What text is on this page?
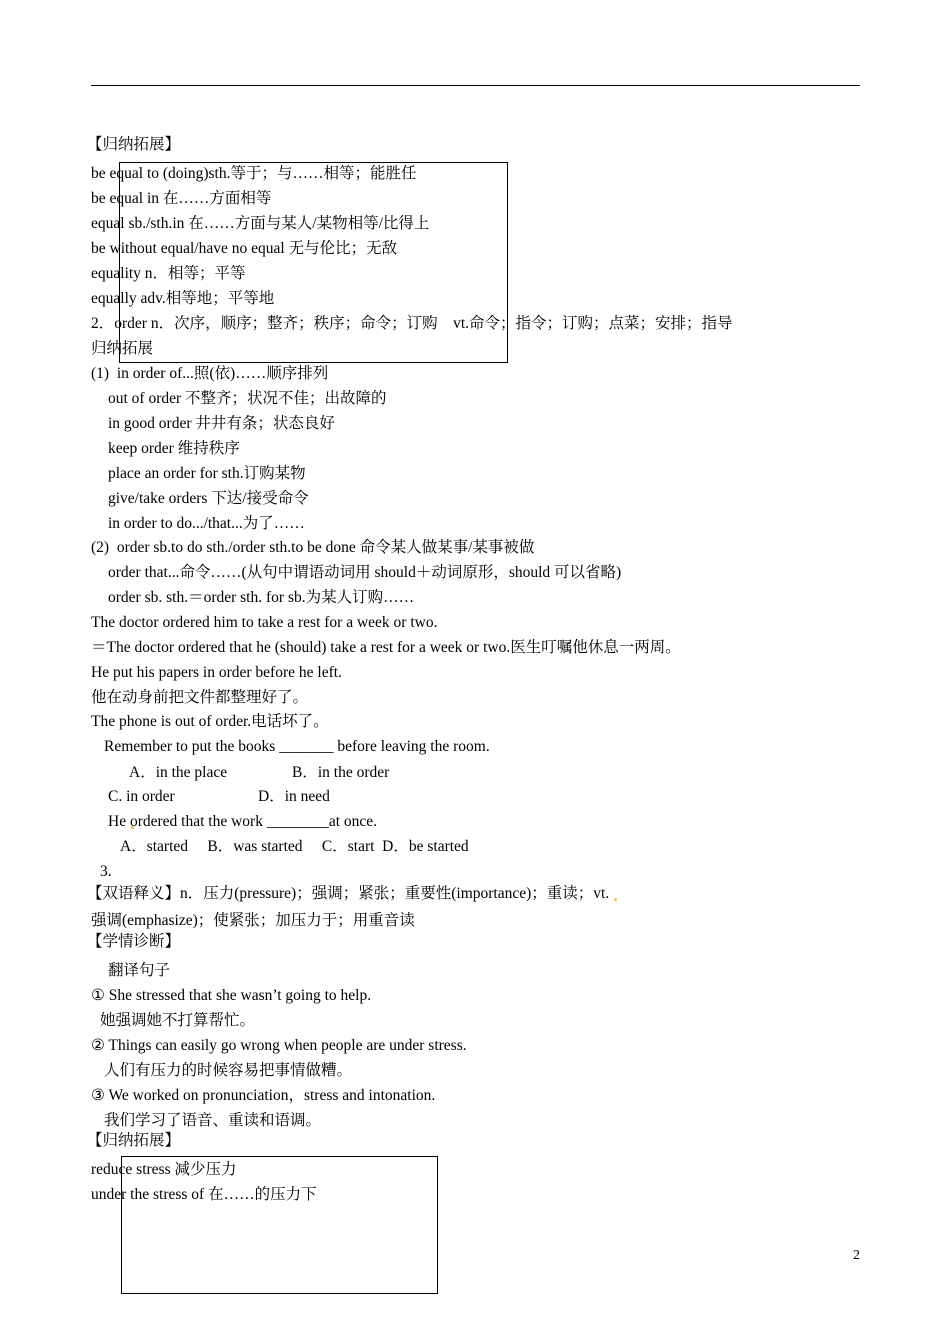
【归纳拓展】
be equal to (doing)sth.等于；与……相等；能胜任
be equal in 在……方面相等
equal sb./sth.in 在……方面与某人/某物相等/比得上
be without equal/have no equal 无与伦比；无敌
equality n．相等；平等
equally adv.相等地；平等地
2．order n．次序，顺序；整齐；秩序；命令；订购　vt.命令；指令；订购；点菜；安排；指导
归纳拓展
(1)  in order of...照(依)……顺序排列
out of order 不整齐；状况不佳；出故障的
in good order 井井有条；状态良好
keep order 维持秩序
place an order for sth.订购某物
give/take orders 下达/接受命令
in order to do.../that...为了……
(2)  order sb.to do sth./order sth.to be done 命令某人做某事/某事被做
order that...命令……(从句中谓语动词用 should＋动词原形，should 可以省略)
order sb. sth.＝order sth. for sb.为某人订购……
The doctor ordered him to take a rest for a week or two.
＝The doctor ordered that he (should) take a rest for a week or two.医生叮嘱他休息一两周。
He put his papers in order before he left.
他在动身前把文件都整理好了。
The phone is out of order.电话坏了。
Remember to put the books _______ before leaving the room.
A．in the place	B．in the order
C. in order	D．in need
He ordered that the work ________at once.
A．started     B．was started     C．start  D．be started
3.
【双语释义】n．压力(pressure)；强调；紧张；重要性(importance)；重读；vt.
强调(emphasize)；使紧张；加压力于；用重音读
【学情诊断】
翻译句子
① She stressed that she wasn’t going to help.
她强调她不打算帮忙。
② Things can easily go wrong when people are under stress.
人们有压力的时候容易把事情做糟。
③ We worked on pronunciation，stress and intonation.
我们学习了语音、重读和语调。
【归纳拓展】
reduce stress 减少压力
under the stress of 在……的压力下
2
